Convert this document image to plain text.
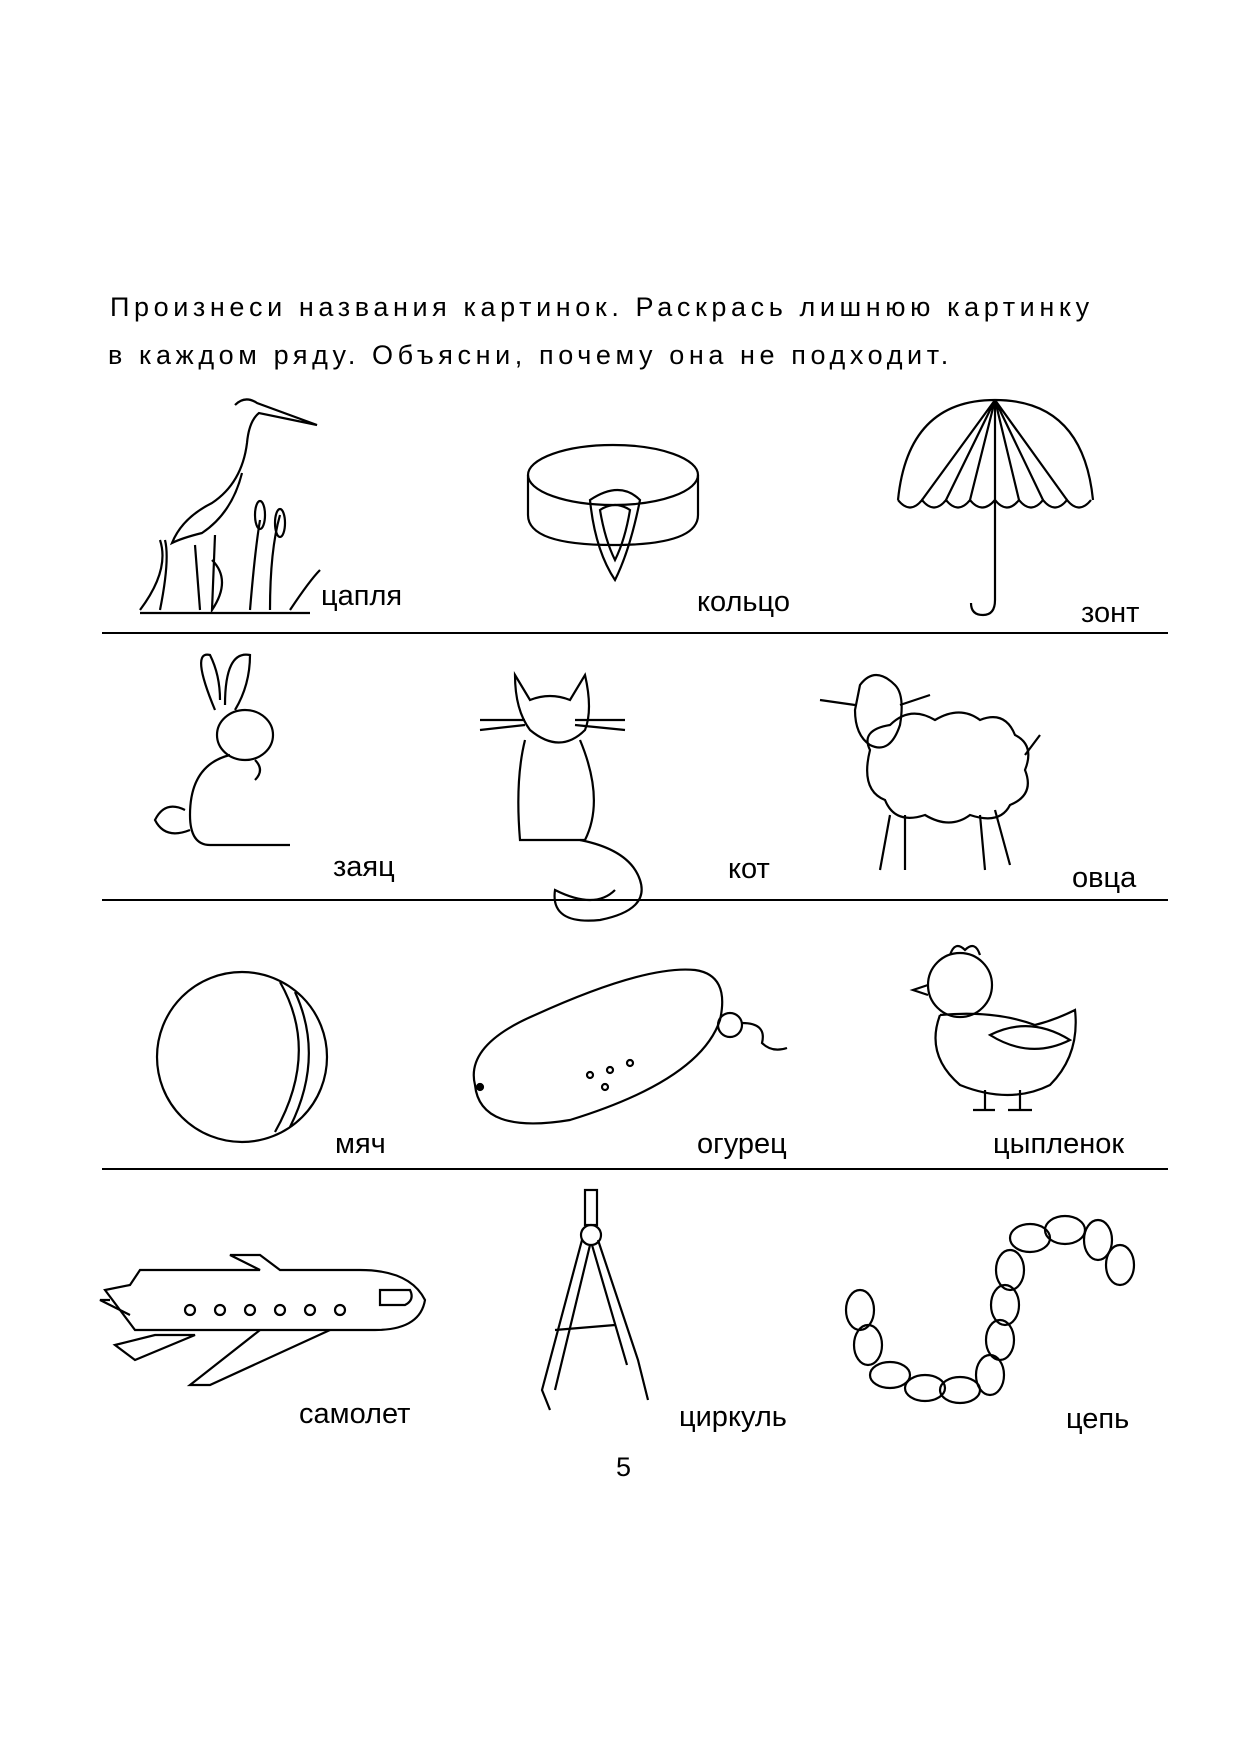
Произнеси названия картинок. Раскрась лишнюю картинку
в каждом ряду. Объясни, почему она не подходит.
цапля	кольцо	зонт
заяц	кот	овца
мяч	огурец	цыпленок
самолет	циркуль	цепь
5
